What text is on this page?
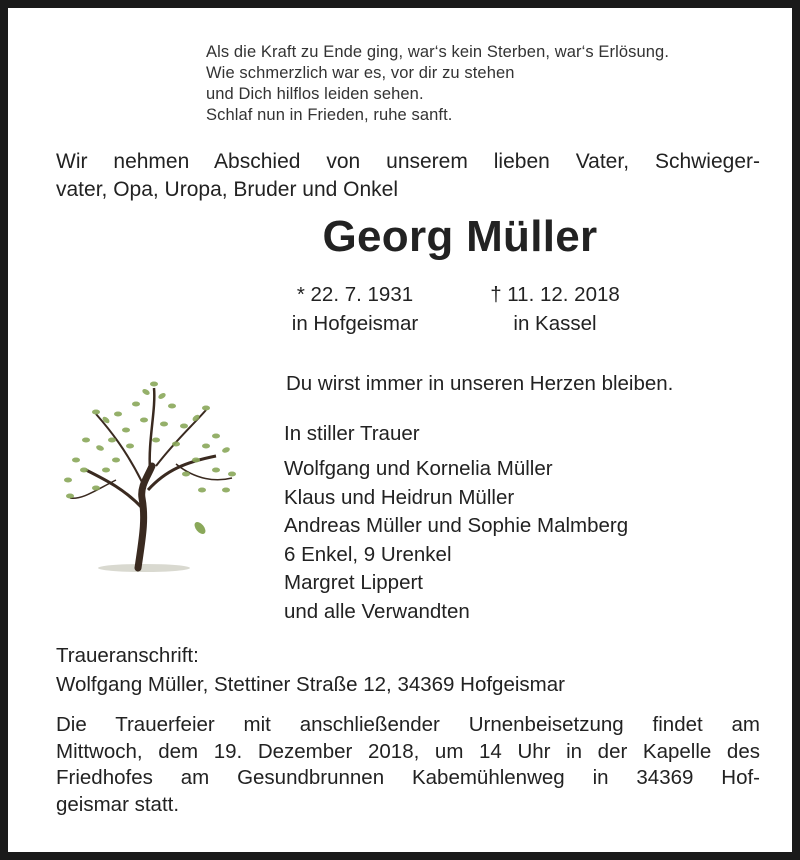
Als die Kraft zu Ende ging, war‘s kein Sterben, war‘s Erlösung.
Wie schmerzlich war es, vor dir zu stehen
und Dich hilflos leiden sehen.
Schlaf nun in Frieden, ruhe sanft.
Wir nehmen Abschied von unserem lieben Vater, Schwieger-
vater, Opa, Uropa, Bruder und Onkel
Georg Müller
* 22. 7. 1931
in Hofgeismar
† 11. 12. 2018
in Kassel
Du wirst immer in unseren Herzen bleiben.
In stiller Trauer
Wolfgang und Kornelia Müller
Klaus und Heidrun Müller
Andreas Müller und Sophie Malmberg
6 Enkel, 9 Urenkel
Margret Lippert
und alle Verwandten
Traueranschrift:
Wolfgang Müller, Stettiner Straße 12, 34369 Hofgeismar
Die Trauerfeier mit anschließender Urnenbeisetzung findet am
Mittwoch, dem 19. Dezember 2018, um 14 Uhr in der Kapelle des
Friedhofes am Gesundbrunnen Kabemühlenweg in 34369 Hof-
geismar statt.
